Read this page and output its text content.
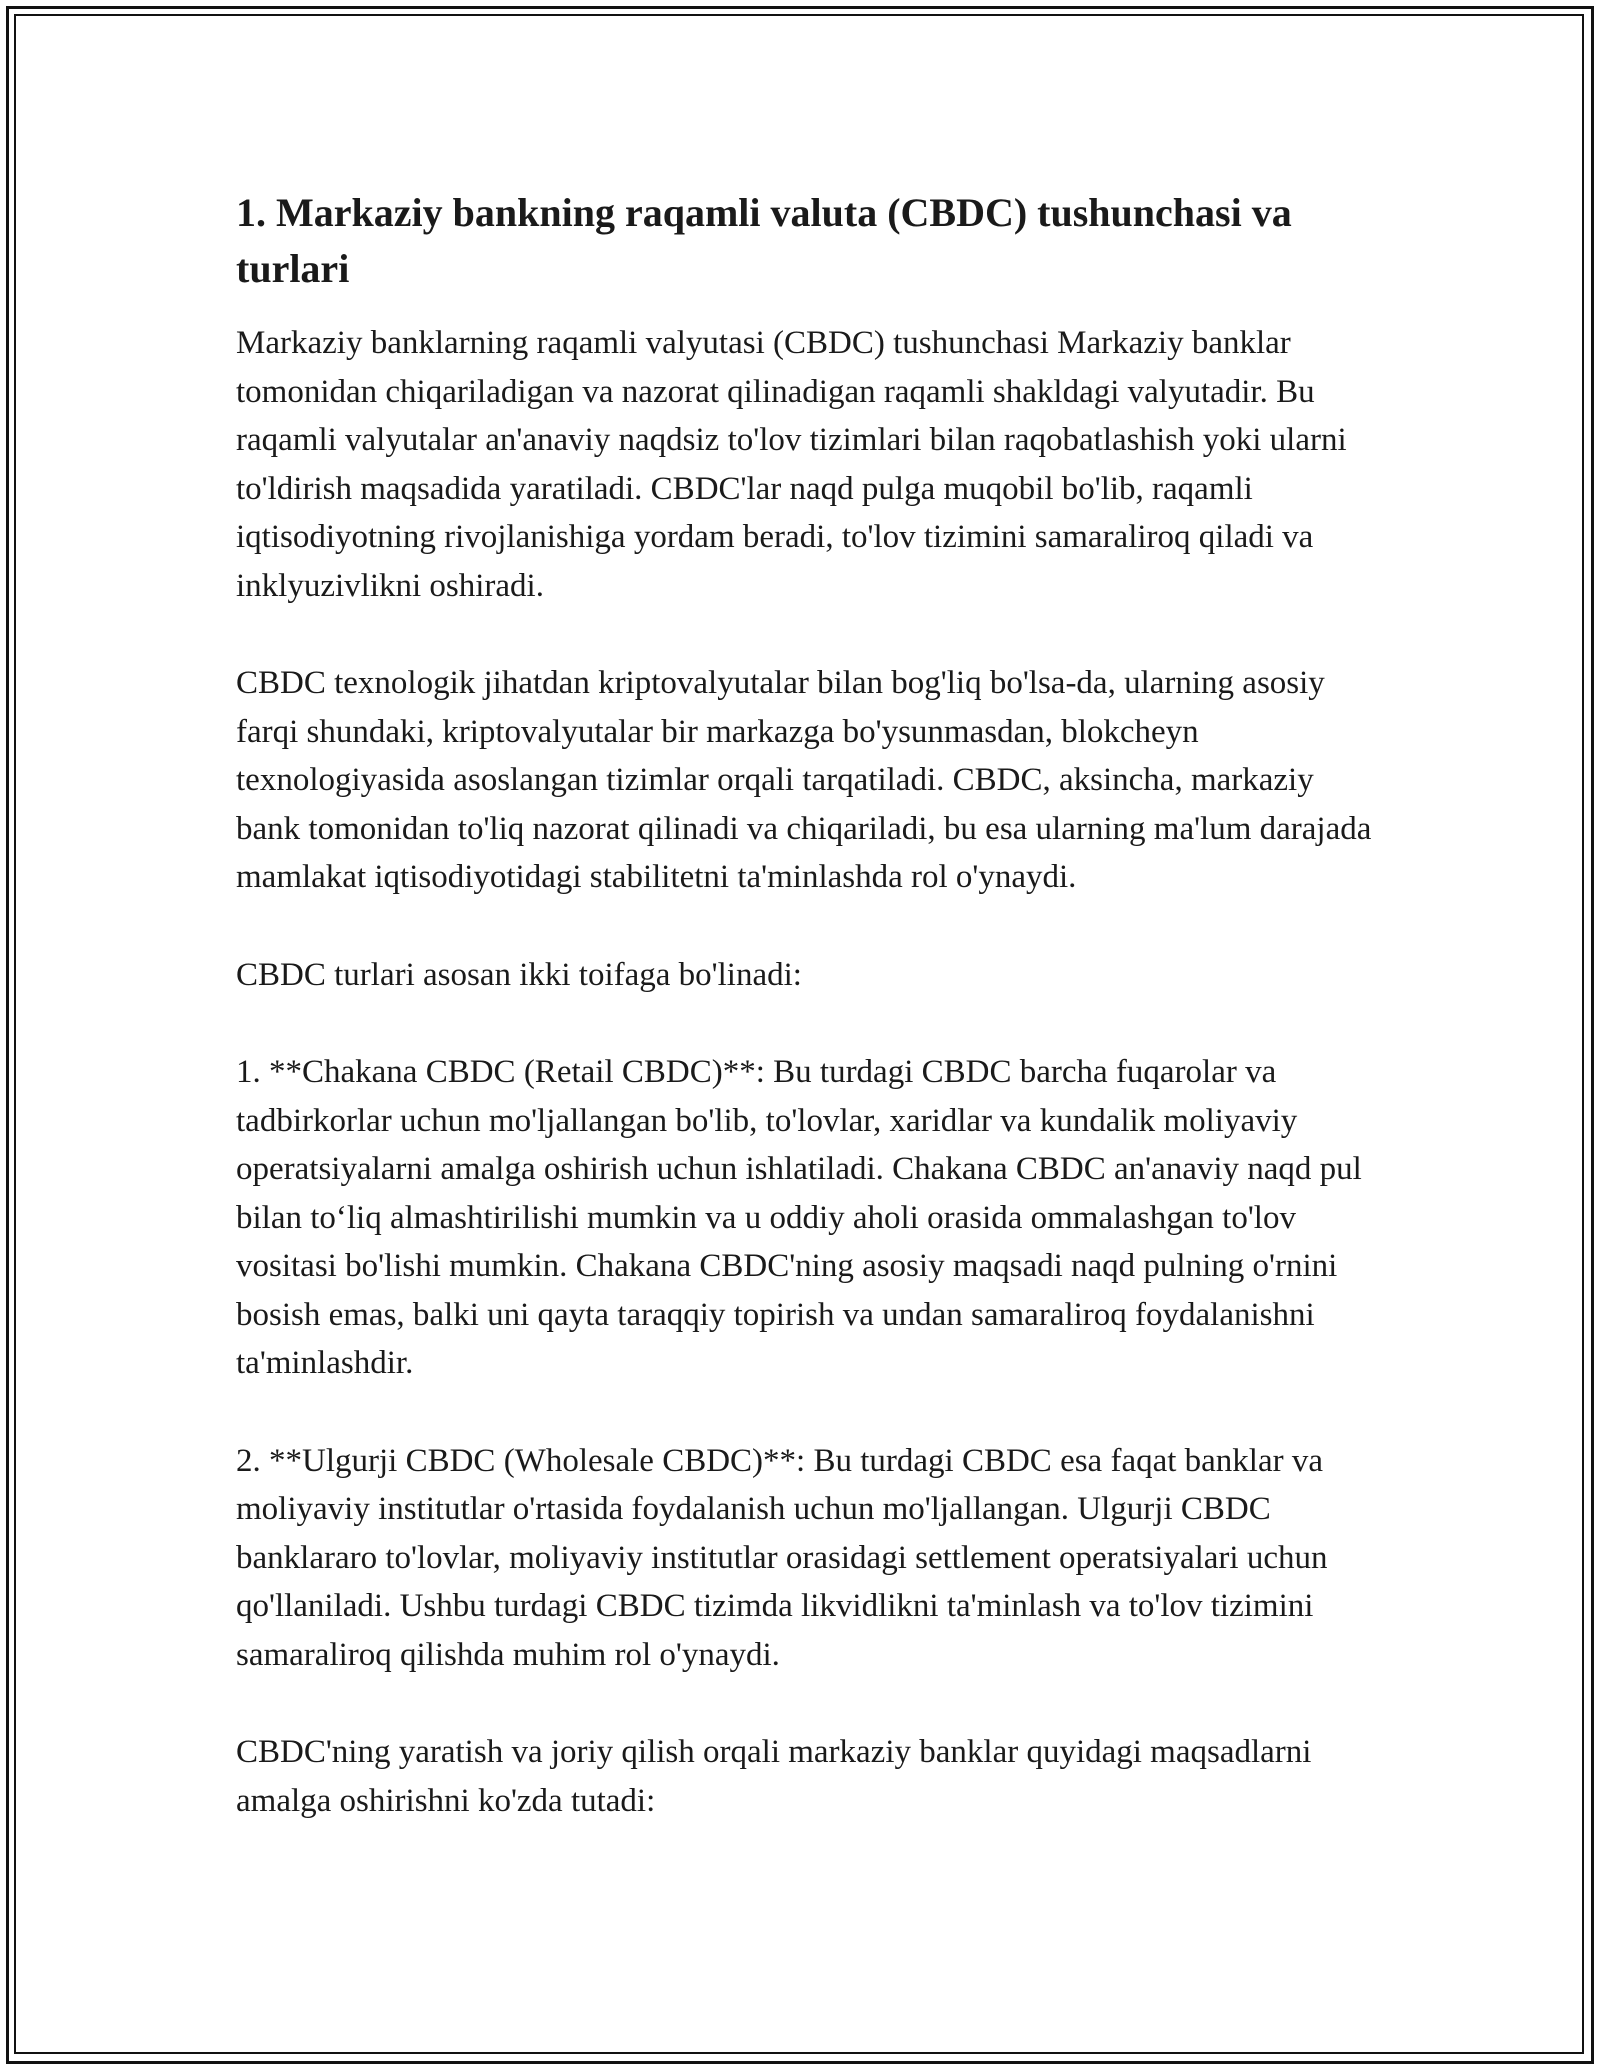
1. Markaziy bankning raqamli valuta (CBDC) tushunchasi va turlari

Markaziy banklarning raqamli valyutasi (CBDC) tushunchasi Markaziy banklar tomonidan chiqariladigan va nazorat qilinadigan raqamli shakldagi valyutadir. Bu raqamli valyutalar an'anaviy naqdsiz to'lov tizimlari bilan raqobatlashish yoki ularni to'ldirish maqsadida yaratiladi. CBDC'lar naqd pulga muqobil bo'lib, raqamli iqtisodiyotning rivojlanishiga yordam beradi, to'lov tizimini samaraliroq qiladi va inklyuzivlikni oshiradi.

CBDC texnologik jihatdan kriptovalyutalar bilan bog'liq bo'lsa-da, ularning asosiy farqi shundaki, kriptovalyutalar bir markazga bo'ysunmasdan, blokcheyn texnologiyasida asoslangan tizimlar orqali tarqatiladi. CBDC, aksincha, markaziy bank tomonidan to'liq nazorat qilinadi va chiqariladi, bu esa ularning ma'lum darajada mamlakat iqtisodiyotidagi stabilitetni ta'minlashda rol o'ynaydi.

CBDC turlari asosan ikki toifaga bo'linadi:

1. **Chakana CBDC (Retail CBDC)**: Bu turdagi CBDC barcha fuqarolar va tadbirkorlar uchun mo'ljallangan bo'lib, to'lovlar, xaridlar va kundalik moliyaviy operatsiyalarni amalga oshirish uchun ishlatiladi. Chakana CBDC an'anaviy naqd pul bilan to‘liq almashtirilishi mumkin va u oddiy aholi orasida ommalashgan to'lov vositasi bo'lishi mumkin. Chakana CBDC'ning asosiy maqsadi naqd pulning o'rnini bosish emas, balki uni qayta taraqqiy topirish va undan samaraliroq foydalanishni ta'minlashdir.

2. **Ulgurji CBDC (Wholesale CBDC)**: Bu turdagi CBDC esa faqat banklar va moliyaviy institutlar o'rtasida foydalanish uchun mo'ljallangan. Ulgurji CBDC banklararo to'lovlar, moliyaviy institutlar orasidagi settlement operatsiyalari uchun qo'llaniladi. Ushbu turdagi CBDC tizimda likvidlikni ta'minlash va to'lov tizimini samaraliroq qilishda muhim rol o'ynaydi.

CBDC'ning yaratish va joriy qilish orqali markaziy banklar quyidagi maqsadlarni amalga oshirishni ko'zda tutadi:
